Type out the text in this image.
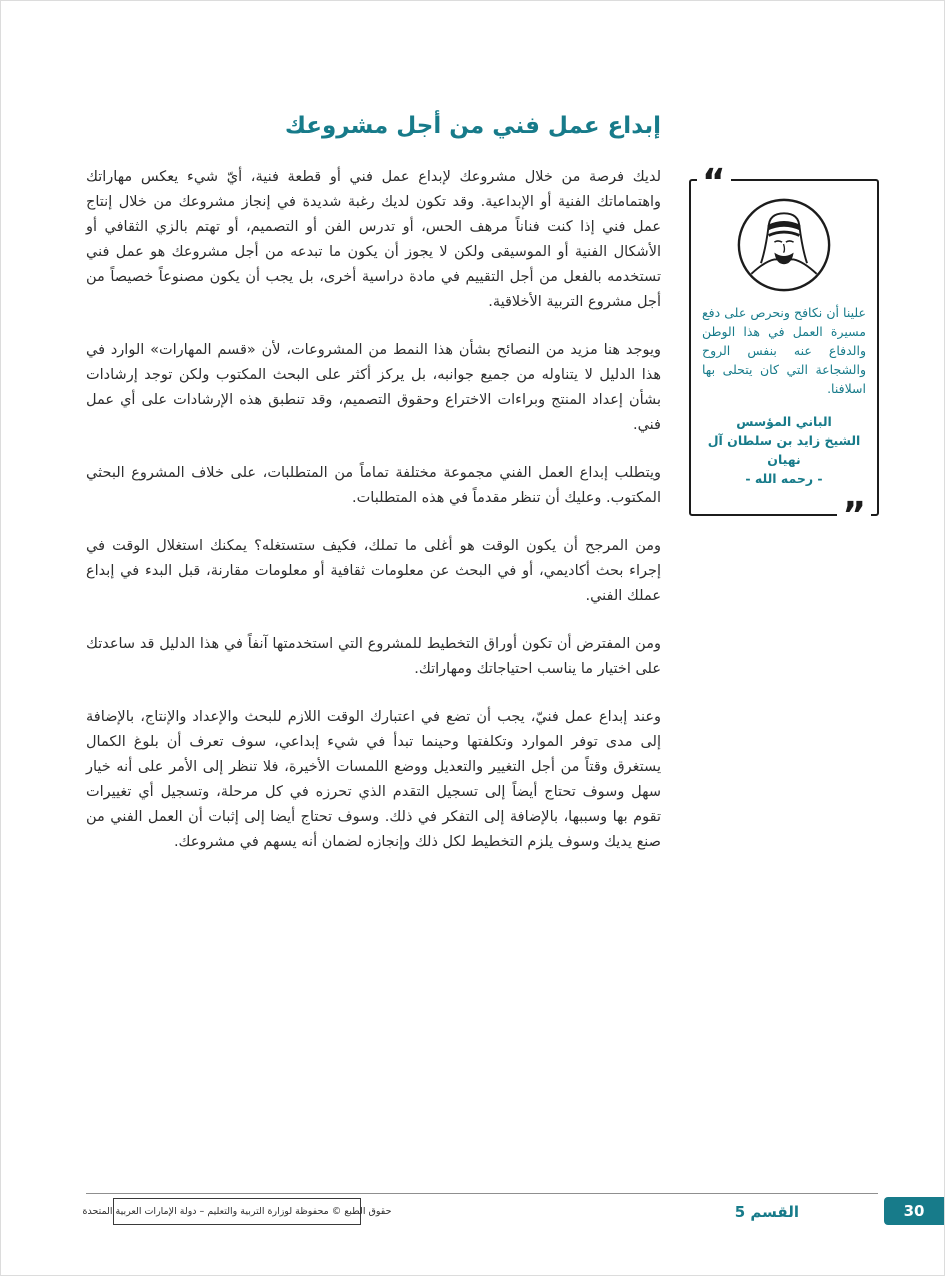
إبداع عمل فني من أجل مشروعك

لديك فرصة من خلال مشروعك لإبداع عمل فني أو قطعة فنية، أيّ شيء يعكس مهاراتك واهتماماتك الفنية أو الإبداعية. وقد تكون لديك رغبة شديدة في إنجاز مشروعك من خلال إنتاج عمل فني إذا كنت فناناً مرهف الحس، أو تدرس الفن أو التصميم، أو تهتم بالزي الثقافي أو الأشكال الفنية أو الموسيقى ولكن لا يجوز أن يكون ما تبدعه من أجل مشروعك هو عمل فني تستخدمه بالفعل من أجل التقييم في مادة دراسية أخرى، بل يجب أن يكون مصنوعاً خصيصاً من أجل مشروع التربية الأخلاقية.

ويوجد هنا مزيد من النصائح بشأن هذا النمط من المشروعات، لأن «قسم المهارات» الوارد في هذا الدليل لا يتناوله من جميع جوانبه، بل يركز أكثر على البحث المكتوب ولكن توجد إرشادات بشأن إعداد المنتج وبراءات الاختراع وحقوق التصميم، وقد تنطبق هذه الإرشادات على أي عمل فني.

ويتطلب إبداع العمل الفني مجموعة مختلفة تماماً من المتطلبات، على خلاف المشروع البحثي المكتوب. وعليك أن تنظر مقدماً في هذه المتطلبات.

ومن المرجح أن يكون الوقت هو أغلى ما تملك، فكيف ستستغله؟ يمكنك استغلال الوقت في إجراء بحث أكاديمي، أو في البحث عن معلومات ثقافية أو معلومات مقارنة، قبل البدء في إبداع عملك الفني.

ومن المفترض أن تكون أوراق التخطيط للمشروع التي استخدمتها آنفاً في هذا الدليل قد ساعدتك على اختيار ما يناسب احتياجاتك ومهاراتك.

وعند إبداع عمل فنيّ، يجب أن تضع في اعتبارك الوقت اللازم للبحث والإعداد والإنتاج، بالإضافة إلى مدى توفر الموارد وتكلفتها وحينما تبدأ في شيء إبداعي، سوف تعرف أن بلوغ الكمال يستغرق وقتاً من أجل التغيير والتعديل ووضع اللمسات الأخيرة، فلا تنظر إلى الأمر على أنه خيار سهل وسوف تحتاج أيضاً إلى تسجيل التقدم الذي تحرزه في كل مرحلة، وتسجيل أي تغييرات تقوم بها وسببها، بالإضافة إلى التفكر في ذلك. وسوف تحتاج أيضا إلى إثبات أن العمل الفني من صنع يديك وسوف يلزم التخطيط لكل ذلك وإنجازه لضمان أنه يسهم في مشروعك.

“
”

علينا أن نكافح ونحرص على دفع مسيرة العمل في هذا الوطن والدفاع عنه بنفس الروح والشجاعة التي كان يتحلى بها اسلافنا.

الباني المؤسس
الشيخ زايد بن سلطان آل نهيان
- رحمه الله -
حقوق الطبع © محفوظة لوزارة التربية والتعليم – دولة الإمارات العربية المتحدة	القسم 5	30
